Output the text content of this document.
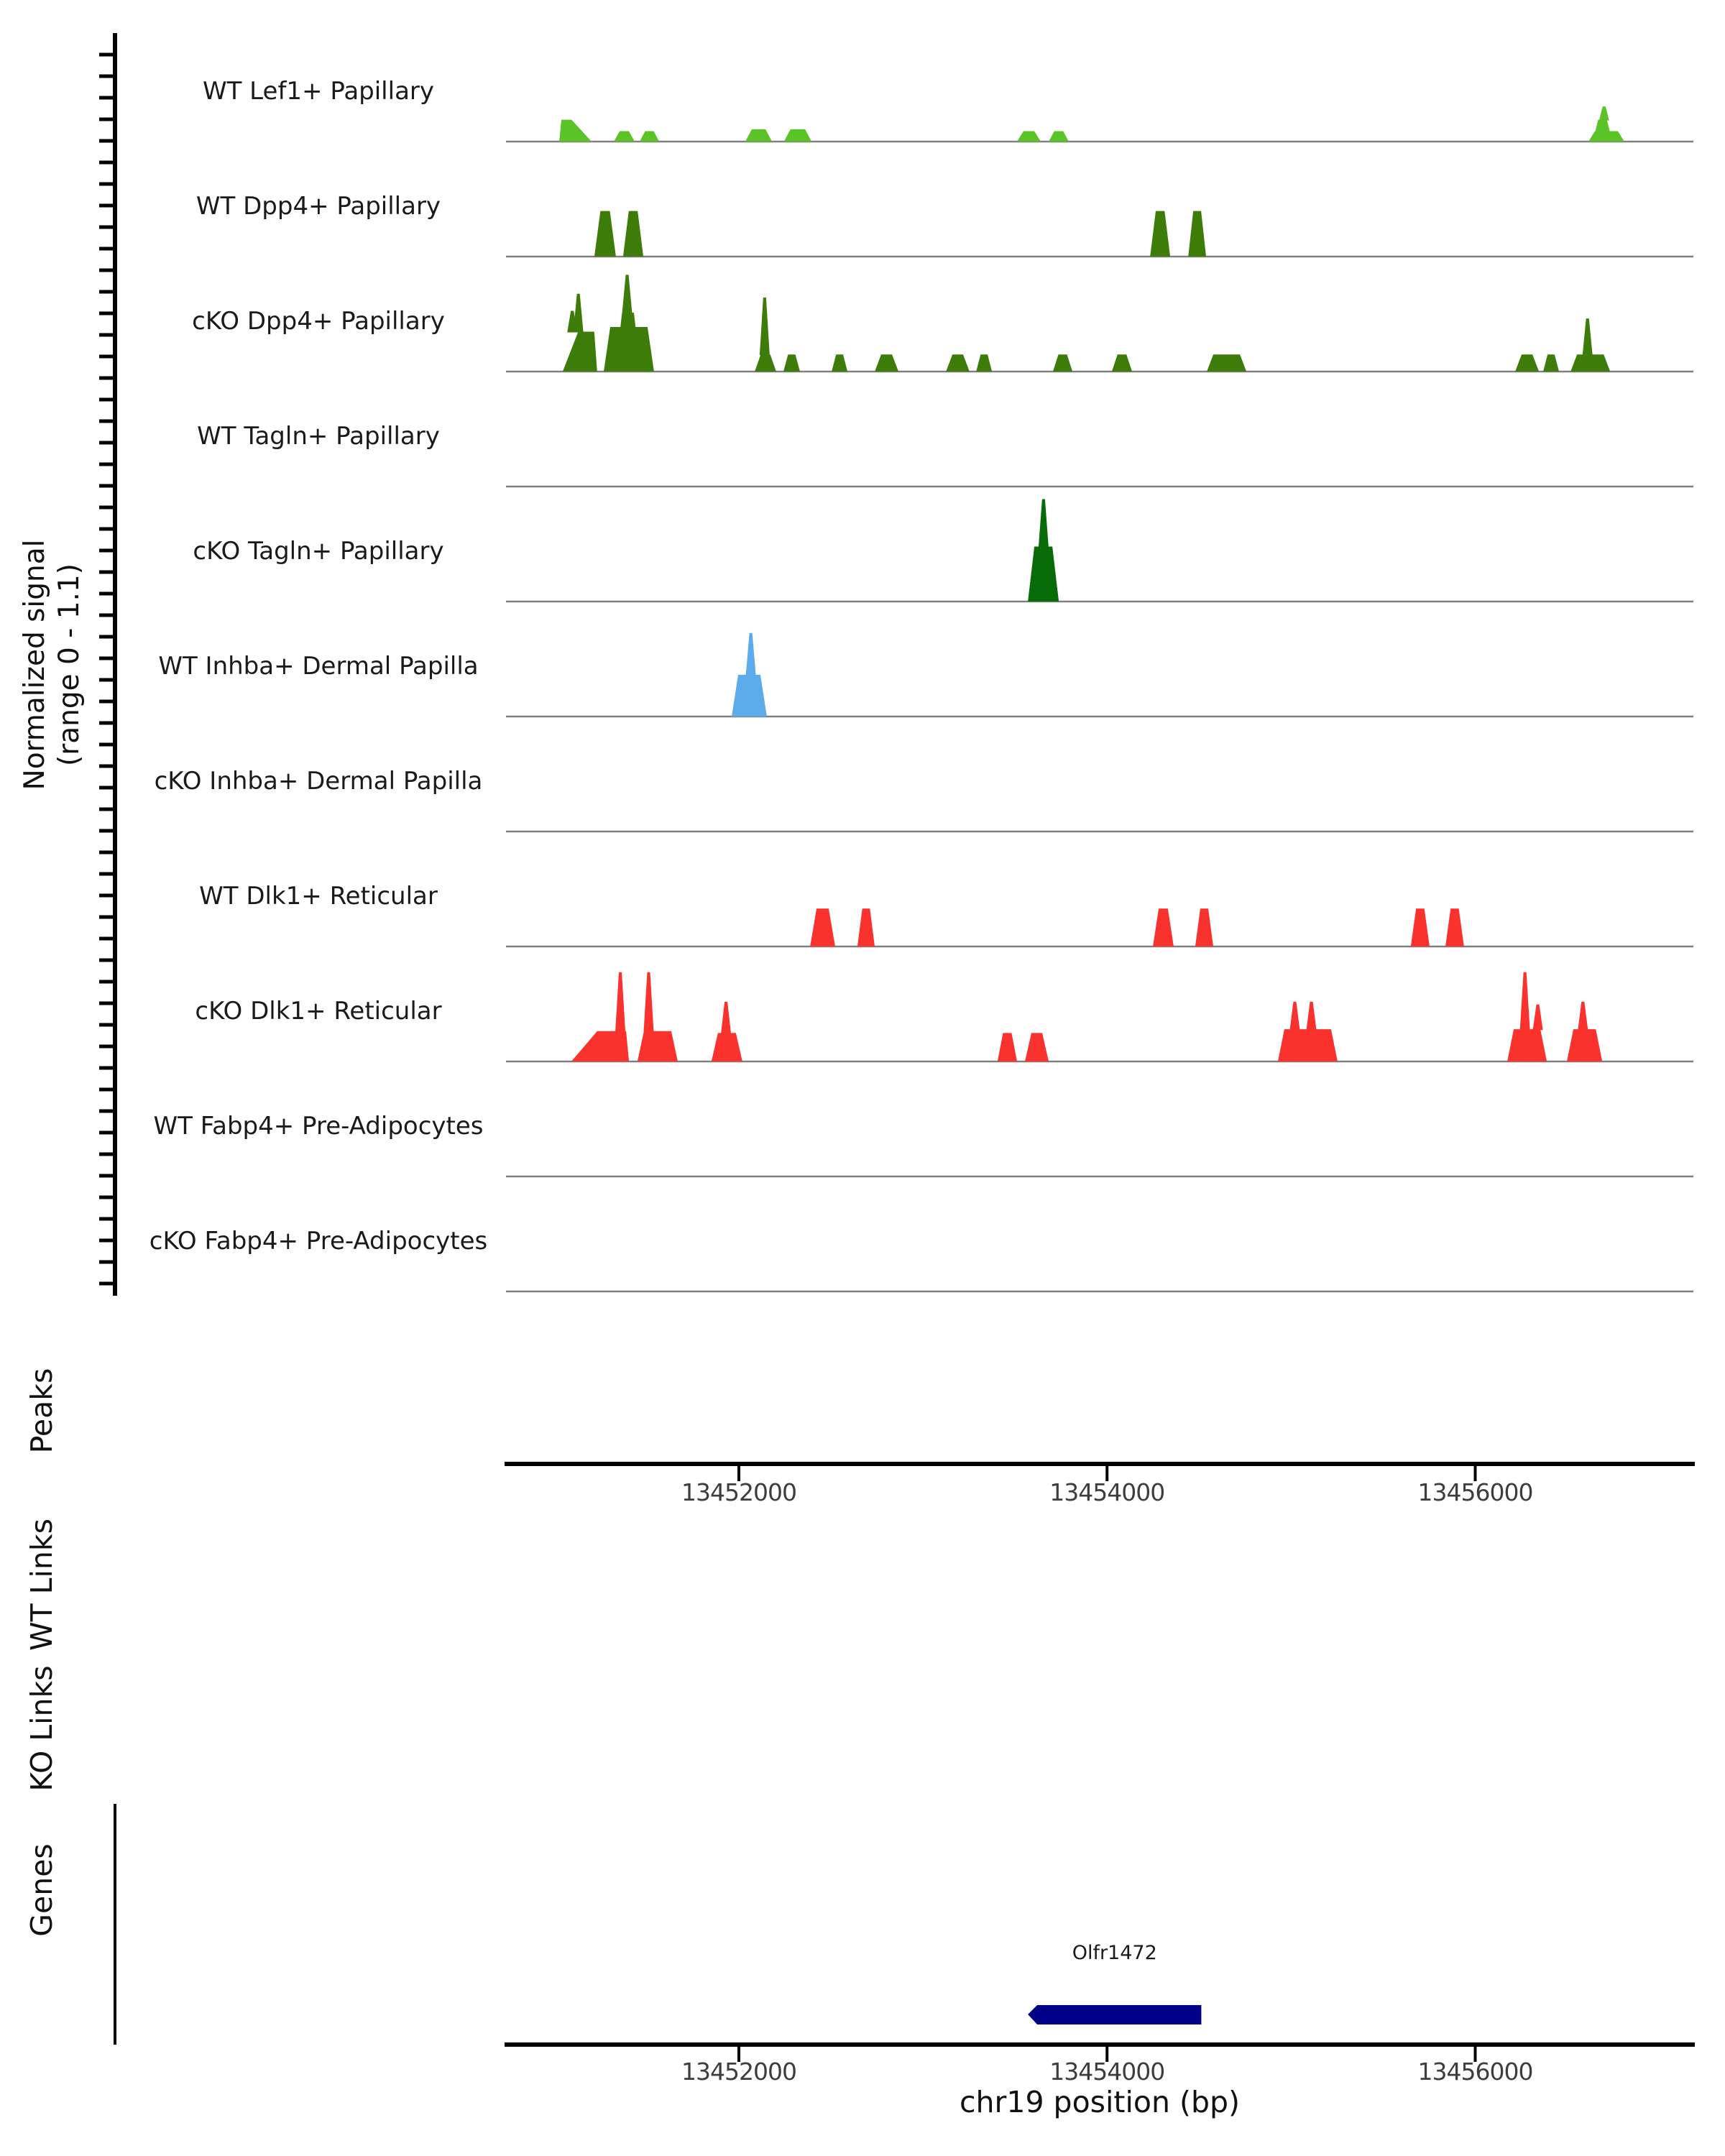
Normalized signal (range 0 - 1.1)
Peaks
WT Links
KO Links
Genes
chr19 position (bp)
WT Lef1+ Papillary
WT Dpp4+ Papillary
cKO Dpp4+ Papillary
WT Tagln+ Papillary
cKO Tagln+ Papillary
WT Inhba+ Dermal Papilla
cKO Inhba+ Dermal Papilla
WT Dlk1+ Reticular
cKO Dlk1+ Reticular
WT Fabp4+ Pre-Adipocytes
cKO Fabp4+ Pre-Adipocytes
13452000	13454000	13456000
13452000	13454000	13456000
Olfr1472
